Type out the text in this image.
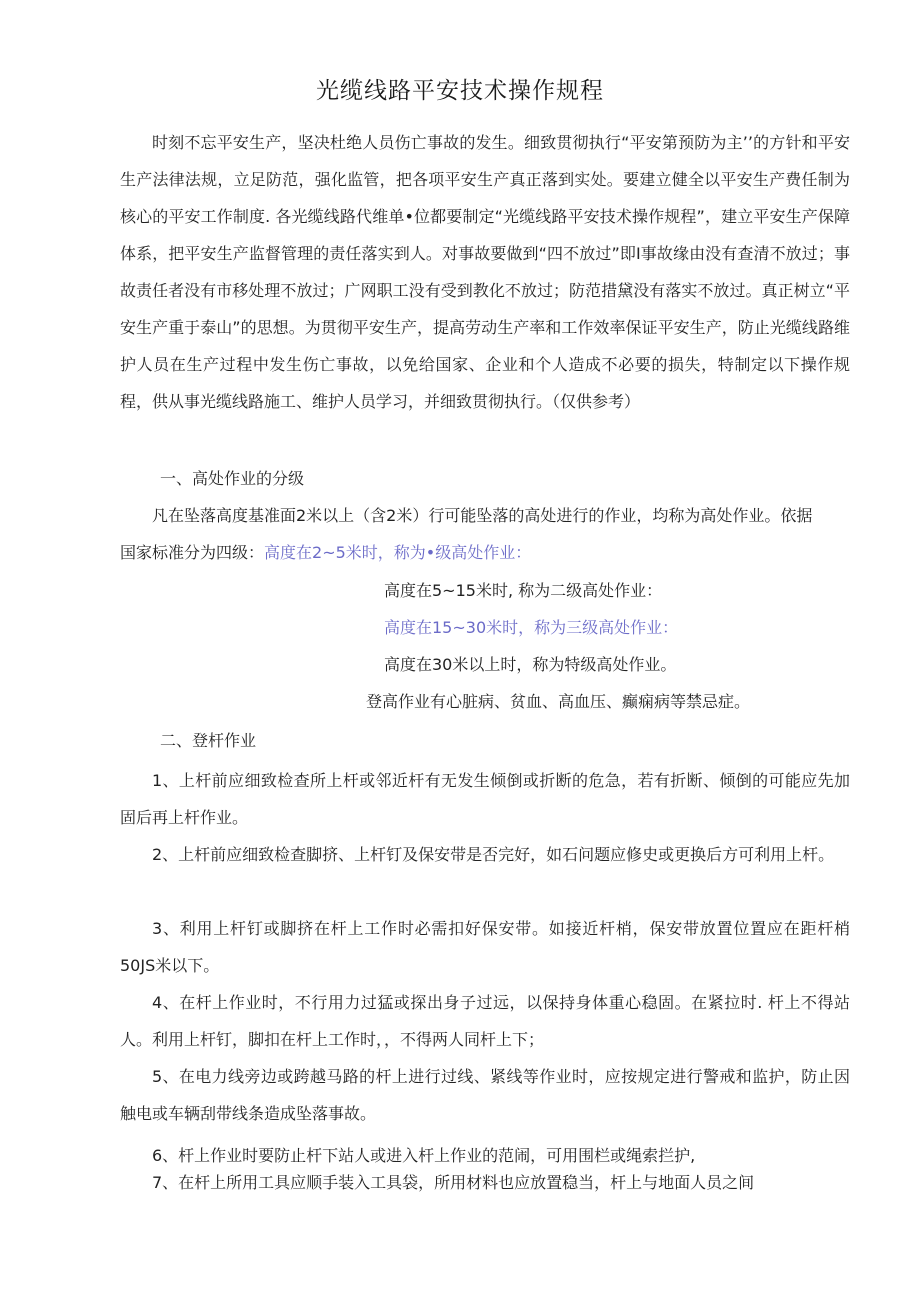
光缆线路平安技术操作规程

时刻不忘平安生产，坚决杜绝人员伤亡事故的发生。细致贯彻执行“平安第预防为主’’的方针和平安生产法律法规，立足防范，强化监管，把各项平安生产真正落到实处。要建立健全以平安生产费任制为核心的平安工作制度. 各光缆线路代维单•位都要制定“光缆线路平安技术操作规程”，建立平安生产保障体系，把平安生产监督管理的责任落实到人。对事故要做到“四不放过”即I事故缘由没有查清不放过；事故责任者没有市移处理不放过；广网职工没有受到教化不放过；防范措黛没有落实不放过。真正树立“平安生产重于泰山”的思想。为贯彻平安生产，提高劳动生产率和工作效率保证平安生产，防止光缆线路维护人员在生产过程中发生伤亡事故，以免给国家、企业和个人造成不必要的损失，特制定以下操作规程，供从事光缆线路施工、维护人员学习，并细致贯彻执行。（仅供参考）

一、高处作业的分级

凡在坠落高度基准面2米以上（含2米）行可能坠落的高处进行的作业，均称为高处作业。依据

国家标准分为四级：高度在2~5米时，称为•级高处作业：

高度在5~15米时, 称为二级高处作业：

高度在15~30米时，称为三级高处作业：

高度在30米以上时，称为特级高处作业。

登高作业有心脏病、贫血、高血压、癫痫病等禁忌症。

二、登杆作业

1、上杆前应细致检查所上杆或邻近杆有无发生倾倒或折断的危急，若有折断、倾倒的可能应先加固后再上杆作业。

2、上杆前应细致检查脚挤、上杆钉及保安带是否完好，如石问题应修史或更换后方可利用上杆。

3、利用上杆钉或脚挤在杆上工作时必需扣好保安带。如接近杆梢，保安带放置位置应在距杆梢50JS米以下。

4、在杆上作业时，不行用力过猛或探出身子过远，以保持身体重心稳固。在紧拉时. 杆上不得站人。利用上杆钉，脚扣在杆上工作时，，不得两人同杆上下；

5、在电力线旁边或跨越马路的杆上进行过线、紧线等作业时，应按规定进行警戒和监护，防止因触电或车辆刮带线条造成坠落事故。

6、杆上作业时要防止杆下站人或进入杆上作业的范闹，可用围栏或绳索拦护,

7、在杆上所用工具应顺手装入工具袋，所用材料也应放置稳当，杆上与地面人员之间
